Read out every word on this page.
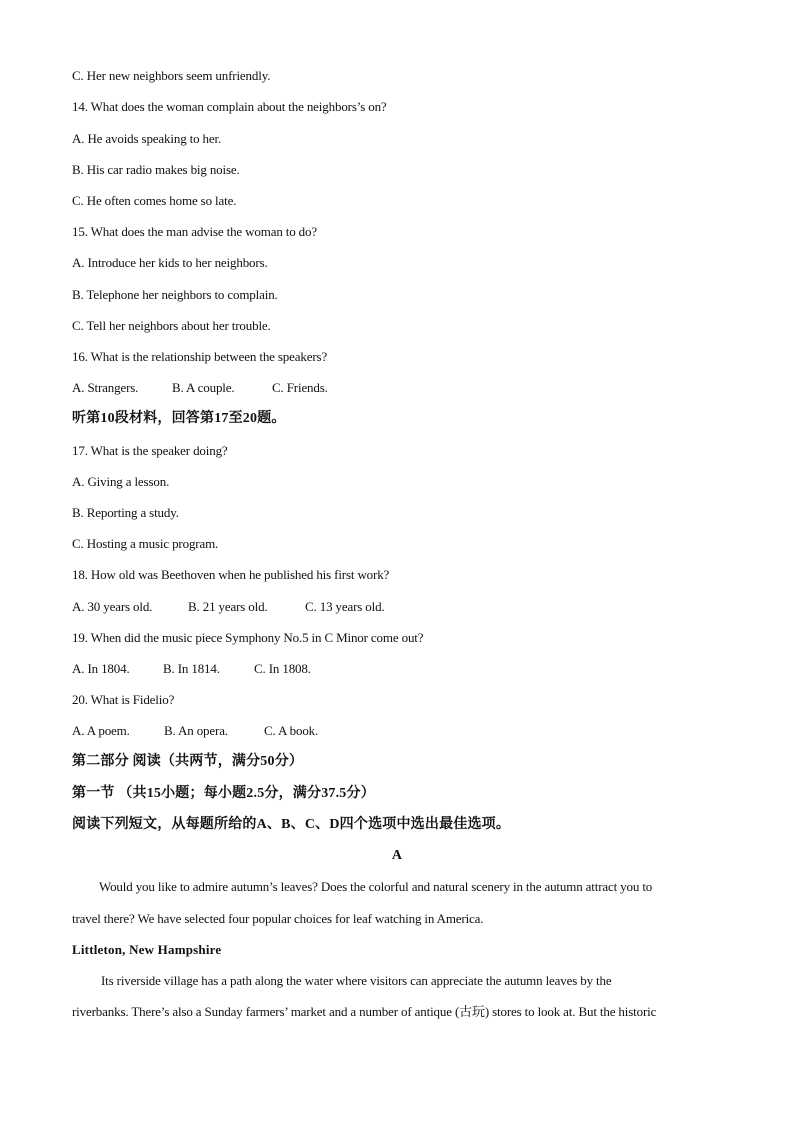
C. Her new neighbors seem unfriendly.
14. What does the woman complain about the neighbors’s on?
A. He avoids speaking to her.
B. His car radio makes big noise.
C. He often comes home so late.
15. What does the man advise the woman to do?
A. Introduce her kids to her neighbors.
B. Telephone her neighbors to complain.
C. Tell her neighbors about her trouble.
16. What is the relationship between the speakers?
A. Strangers.	B. A couple.	C. Friends.
听第10段材料，回答第17至20题。
17. What is the speaker doing?
A. Giving a lesson.
B. Reporting a study.
C. Hosting a music program.
18. How old was Beethoven when he published his first work?
A. 30 years old.	B. 21 years old.	C. 13 years old.
19. When did the music piece Symphony No.5 in C Minor come out?
A. In 1804.	B. In 1814.	C. In 1808.
20. What is Fidelio?
A. A poem.	B. An opera.	C. A book.
第二部分 阅读（共两节，满分50分）
第一节 （共15小题；每小题2.5分，满分37.5分）
阅读下列短文，从每题所给的A、B、C、D四个选项中选出最佳选项。
A
Would you like to admire autumn’s leaves? Does the colorful and natural scenery in the autumn attract you to
travel there? We have selected four popular choices for leaf watching in America.
Littleton, New Hampshire
Its riverside village has a path along the water where visitors can appreciate the autumn leaves by the
riverbanks. There’s also a Sunday farmers’ market and a number of antique (古玩) stores to look at. But the historic
